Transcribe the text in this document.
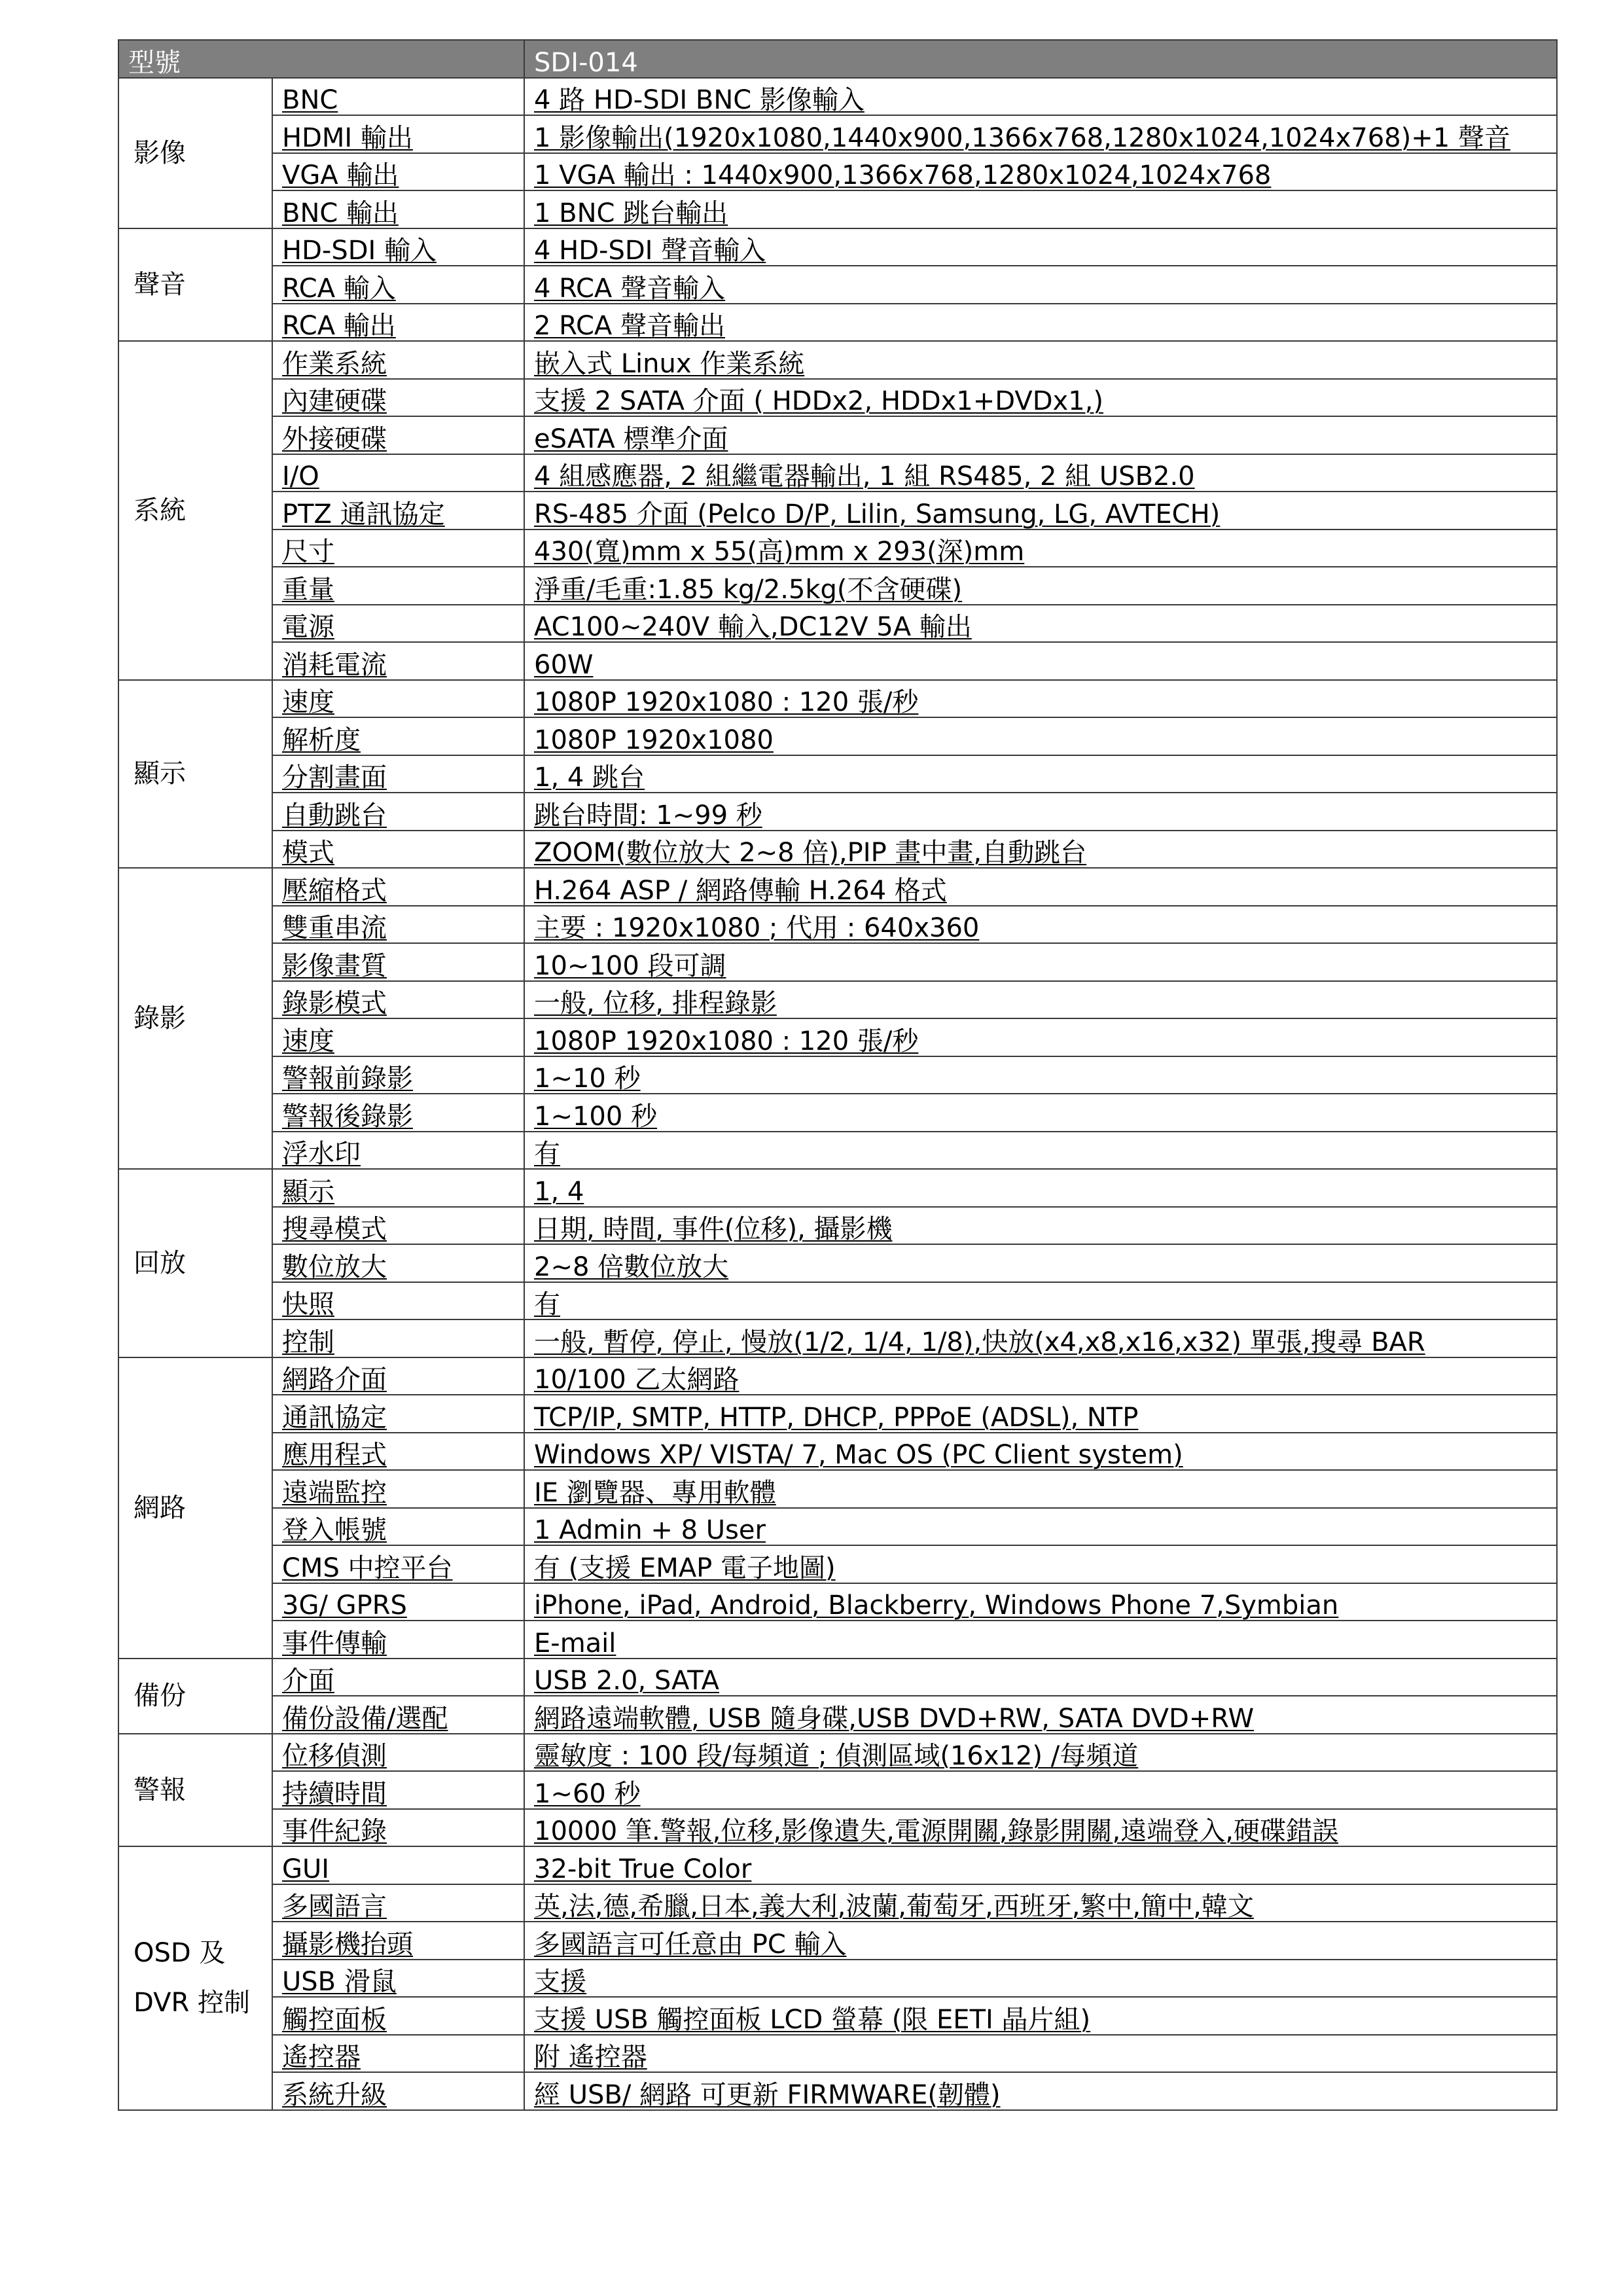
型號		SDI-014
影像	BNC	4 路 HD-SDI BNC 影像輸入
	HDMI 輸出	1 影像輸出(1920x1080,1440x900,1366x768,1280x1024,1024x768)+1 聲音
	VGA 輸出	1 VGA 輸出 : 1440x900,1366x768,1280x1024,1024x768
	BNC 輸出	1 BNC 跳台輸出
聲音	HD-SDI 輸入	4 HD-SDI 聲音輸入
	RCA 輸入	4 RCA 聲音輸入
	RCA 輸出	2 RCA 聲音輸出
系統	作業系統	嵌入式 Linux 作業系統
	內建硬碟	支援 2 SATA 介面 ( HDDx2, HDDx1+DVDx1,)
	外接硬碟	eSATA 標準介面
	I/O	4 組感應器, 2 組繼電器輸出, 1 組 RS485, 2 組 USB2.0
	PTZ 通訊協定	RS-485 介面 (Pelco D/P, Lilin, Samsung, LG, AVTECH)
	尺寸	430(寬)mm x 55(高)mm x 293(深)mm
	重量	淨重/毛重:1.85 kg/2.5kg(不含硬碟)
	電源	AC100~240V 輸入,DC12V 5A 輸出
	消耗電流	60W
顯示	速度	1080P 1920x1080 : 120 張/秒
	解析度	1080P 1920x1080
	分割畫面	1, 4 跳台
	自動跳台	跳台時間: 1~99 秒
	模式	ZOOM(數位放大 2~8 倍),PIP 畫中畫,自動跳台
錄影	壓縮格式	H.264 ASP / 網路傳輸 H.264 格式
	雙重串流	主要 : 1920x1080 ; 代用 : 640x360
	影像畫質	10~100 段可調
	錄影模式	一般, 位移, 排程錄影
	速度	1080P 1920x1080 : 120 張/秒
	警報前錄影	1~10 秒
	警報後錄影	1~100 秒
	浮水印	有
回放	顯示	1, 4
	搜尋模式	日期, 時間, 事件(位移), 攝影機
	數位放大	2~8 倍數位放大
	快照	有
	控制	一般, 暫停, 停止, 慢放(1/2, 1/4, 1/8),快放(x4,x8,x16,x32) 單張,搜尋 BAR
網路	網路介面	10/100 乙太網路
	通訊協定	TCP/IP, SMTP, HTTP, DHCP, PPPoE (ADSL), NTP
	應用程式	Windows XP/ VISTA/ 7, Mac OS (PC Client system)
	遠端監控	IE 瀏覽器、專用軟體
	登入帳號	1 Admin + 8 User
	CMS 中控平台	有 (支援 EMAP 電子地圖)
	3G/ GPRS	iPhone, iPad, Android, Blackberry, Windows Phone 7,Symbian
	事件傳輸	E-mail
備份	介面	USB 2.0, SATA
	備份設備/選配	網路遠端軟體, USB 隨身碟,USB DVD+RW, SATA DVD+RW
警報	位移偵測	靈敏度 : 100 段/每頻道 ; 偵測區域(16x12) /每頻道
	持續時間	1~60 秒
	事件紀錄	10000 筆.警報,位移,影像遺失,電源開關,錄影開關,遠端登入,硬碟錯誤
OSD 及 DVR 控制	GUI	32-bit True Color
	多國語言	英,法,德,希臘,日本,義大利,波蘭,葡萄牙,西班牙,繁中,簡中,韓文
	攝影機抬頭	多國語言可任意由 PC 輸入
	USB 滑鼠	支援
	觸控面板	支援 USB 觸控面板 LCD 螢幕 (限 EETI 晶片組)
	遙控器	附 遙控器
	系統升級	經 USB/ 網路 可更新 FIRMWARE(韌體)
